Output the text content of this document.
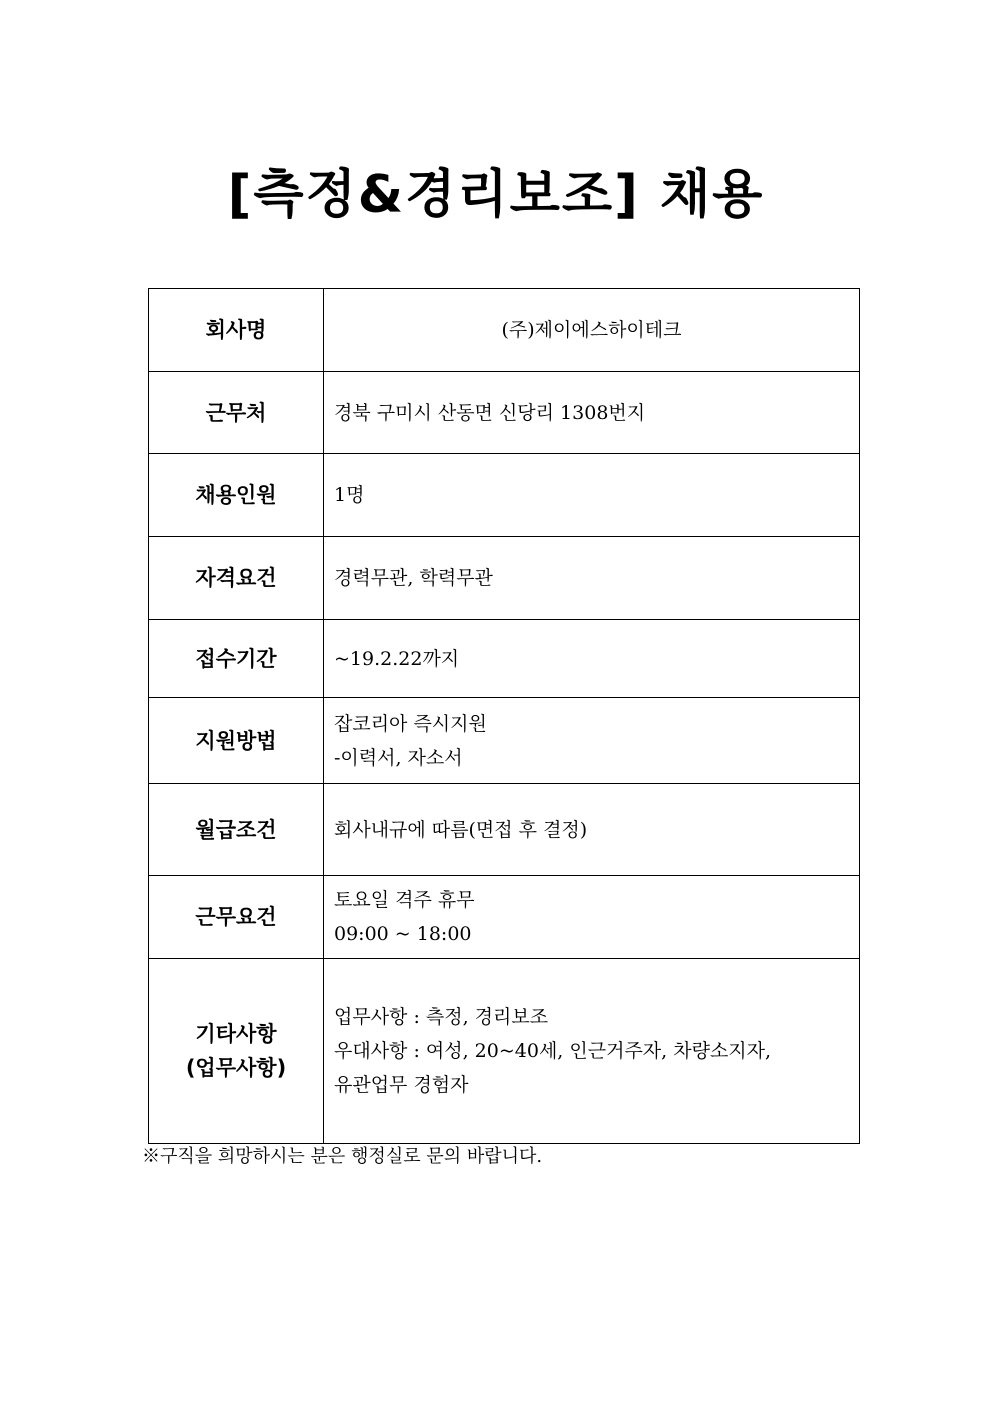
[측정&경리보조] 채용
회사명	(주)제이에스하이테크

근무처	경북 구미시 산동면 신당리 1308번지

채용인원	1명

자격요건	경력무관, 학력무관

접수기간	~19.2.22까지

지원방법	잡코리아 즉시지원
-이력서, 자소서

월급조건	회사내규에 따름(면접 후 결정)

근무요건	토요일 격주 휴무
09:00 ~ 18:00

기타사항
(업무사항)	업무사항 : 측정, 경리보조
우대사항 : 여성, 20~40세, 인근거주자, 차량소지자,
유관업무 경험자
※구직을 희망하시는 분은 행정실로 문의 바랍니다.
